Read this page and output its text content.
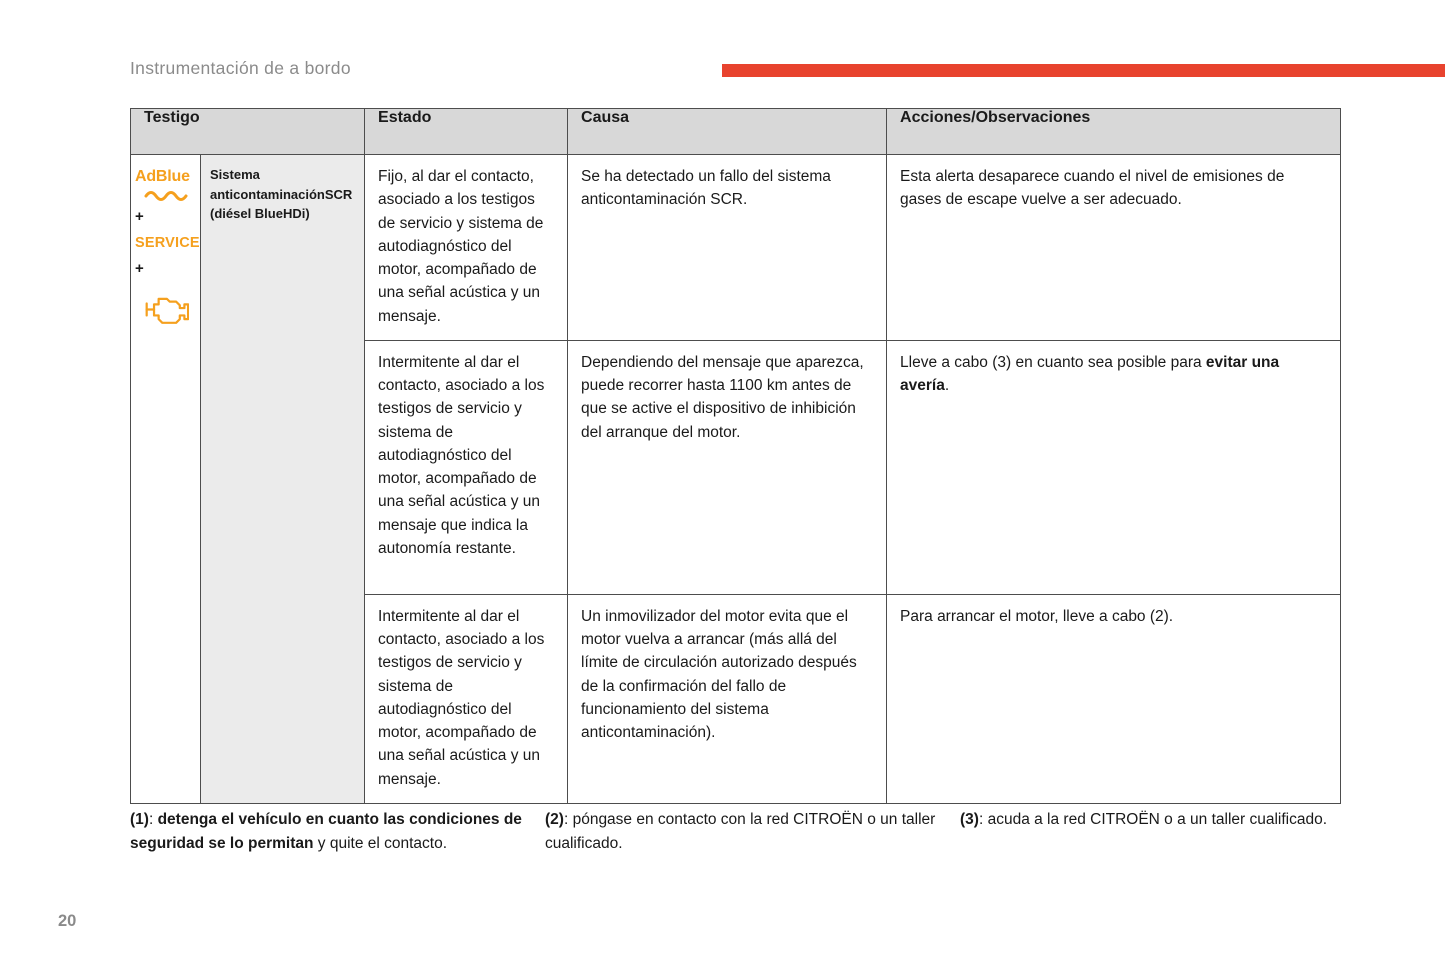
Instrumentación de a bordo
Testigo		Estado	Causa	Acciones/Observaciones

AdBlue
+
SERVICE
+	Sistema anticontaminaciónSCR (diésel BlueHDi)	Fijo, al dar el contacto, asociado a los testigos de servicio y sistema de autodiagnóstico del motor, acompañado de una señal acústica y un mensaje.	Se ha detectado un fallo del sistema anticontaminación SCR.	Esta alerta desaparece cuando el nivel de emisiones de gases de escape vuelve a ser adecuado.
		Intermitente al dar el contacto, asociado a los testigos de servicio y sistema de autodiagnóstico del motor, acompañado de una señal acústica y un mensaje que indica la autonomía restante.	Dependiendo del mensaje que aparezca, puede recorrer hasta 1100 km antes de que se active el dispositivo de inhibición del arranque del motor.	Lleve a cabo (3) en cuanto sea posible para evitar una avería.
		Intermitente al dar el contacto, asociado a los testigos de servicio y sistema de autodiagnóstico del motor, acompañado de una señal acústica y un mensaje.	Un inmovilizador del motor evita que el motor vuelva a arrancar (más allá del límite de circulación autorizado después de la confirmación del fallo de funcionamiento del sistema anticontaminación).	Para arrancar el motor, lleve a cabo (2).

(1): detenga el vehículo en cuanto las condiciones de seguridad se lo permitan y quite el contacto.

(2): póngase en contacto con la red CITROËN o un taller cualificado.

(3): acuda a la red CITROËN o a un taller cualificado.

20
